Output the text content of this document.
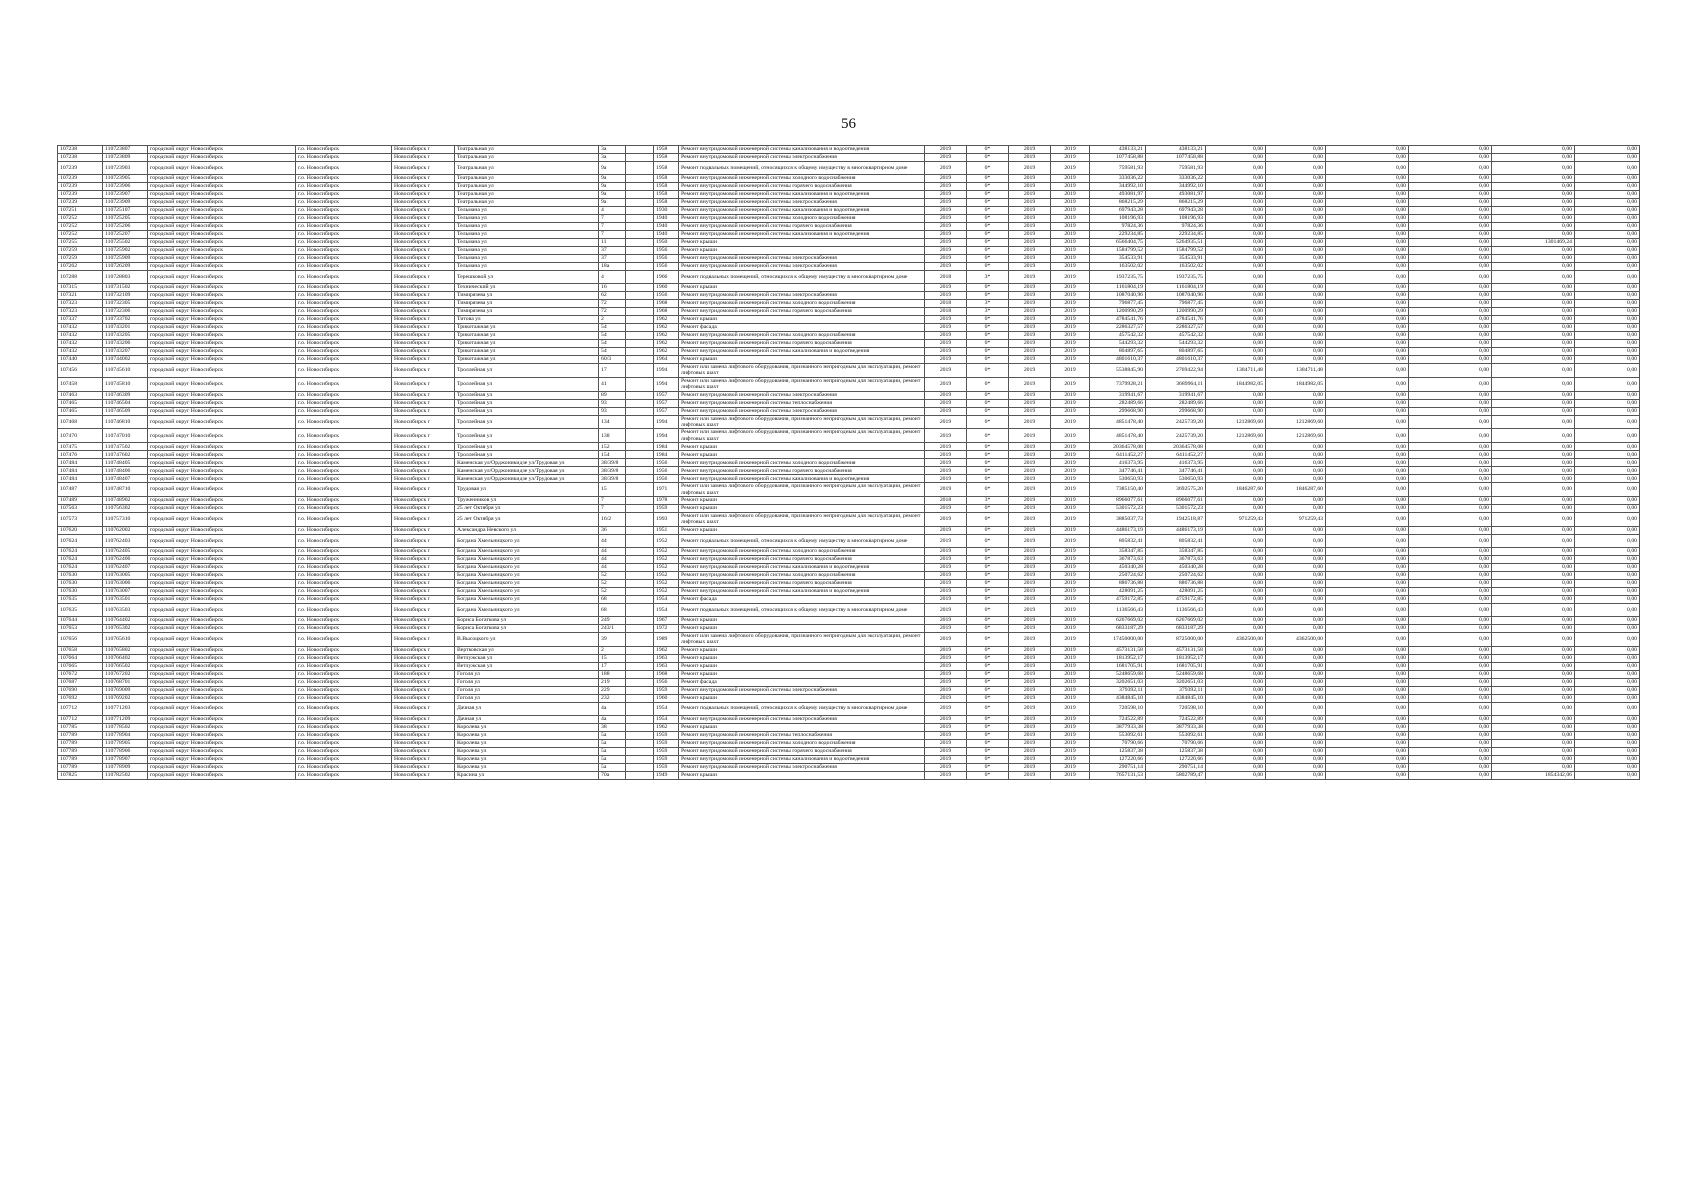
56
107238	110723807	городской округ Новосибирск	г.о. Новосибирск	Новосибирск г	Театральная ул	3а		1958	Ремонт внутридомовой инженерной системы канализования и водоотведения	2019	0*	2019	2019	438133,21	438133,21	0,00	0,00	0,00	0,00	0,00	0,00
107238	110723809	городской округ Новосибирск	г.о. Новосибирск	Новосибирск г	Театральная ул	3а		1958	Ремонт внутридомовой инженерной системы электроснабжения	2019	0*	2019	2019	1077458,88	1077458,88	0,00	0,00	0,00	0,00	0,00	0,00
107239	110723903	городской округ Новосибирск	г.о. Новосибирск	Новосибирск г	Театральная ул	9а		1958	Ремонт подвальных помещений, относящихся к общему имуществу в многоквартирном доме	2019	0*	2019	2019	759581,93	759581,93	0,00	0,00	0,00	0,00	0,00	0,00
107239	110723905	городской округ Новосибирск	г.о. Новосибирск	Новосибирск г	Театральная ул	9а		1958	Ремонт внутридомовой инженерной системы холодного водоснабжения	2019	0*	2019	2019	333036,22	333036,22	0,00	0,00	0,00	0,00	0,00	0,00
107239	110723906	городской округ Новосибирск	г.о. Новосибирск	Новосибирск г	Театральная ул	9а		1958	Ремонт внутридомовой инженерной системы горячего водоснабжения	2019	0*	2019	2019	344992,10	344992,10	0,00	0,00	0,00	0,00	0,00	0,00
107239	110723907	городской округ Новосибирск	г.о. Новосибирск	Новосибирск г	Театральная ул	9а		1958	Ремонт внутридомовой инженерной системы канализования и водоотведения	2019	0*	2019	2019	493081,97	493081,97	0,00	0,00	0,00	0,00	0,00	0,00
107239	110723909	городской округ Новосибирск	г.о. Новосибирск	Новосибирск г	Театральная ул	9а		1958	Ремонт внутридомовой инженерной системы электроснабжения	2019	0*	2019	2019	868215,29	868215,29	0,00	0,00	0,00	0,00	0,00	0,00
107251	110725107	городской округ Новосибирск	г.о. Новосибирск	Новосибирск г	Тельмана ул	4		1930	Ремонт внутридомовой инженерной системы канализования и водоотведения	2019	0*	2019	2019	697943,28	697943,28	0,00	0,00	0,00	0,00	0,00	0,00
107252	110725205	городской округ Новосибирск	г.о. Новосибирск	Новосибирск г	Тельмана ул	7		1940	Ремонт внутридомовой инженерной системы холодного водоснабжения	2019	0*	2019	2019	108196,93	108196,93	0,00	0,00	0,00	0,00	0,00	0,00
107252	110725206	городской округ Новосибирск	г.о. Новосибирск	Новосибирск г	Тельмана ул	7		1940	Ремонт внутридомовой инженерной системы горячего водоснабжения	2019	0*	2019	2019	97824,36	97824,36	0,00	0,00	0,00	0,00	0,00	0,00
107252	110725207	городской округ Новосибирск	г.о. Новосибирск	Новосибирск г	Тельмана ул	7		1940	Ремонт внутридомовой инженерной системы канализования и водоотведения	2019	0*	2019	2019	229234,85	229234,85	0,00	0,00	0,00	0,00	0,00	0,00
107255	110725502	городской округ Новосибирск	г.о. Новосибирск	Новосибирск г	Тельмана ул	11		1950	Ремонт крыши	2019	0*	2019	2019	6566404,75	5264935,51	0,00	0,00	0,00	0,00	1301469,24	0,00
107259	110725902	городской округ Новосибирск	г.о. Новосибирск	Новосибирск г	Тельмана ул	37		1956	Ремонт крыши	2019	0*	2019	2019	1584799,52	1584799,52	0,00	0,00	0,00	0,00	0,00	0,00
107259	110725909	городской округ Новосибирск	г.о. Новосибирск	Новосибирск г	Тельмана ул	37		1956	Ремонт внутридомовой инженерной системы электроснабжения	2019	0*	2019	2019	354533,91	354533,91	0,00	0,00	0,00	0,00	0,00	0,00
107262	110726209	городской округ Новосибирск	г.о. Новосибирск	Новосибирск г	Тельмана ул	18а		1956	Ремонт внутридомовой инженерной системы электроснабжения	2019	0*	2019	2019	163502,02	163502,02	0,00	0,00	0,00	0,00	0,00	0,00
107288	110728803	городской округ Новосибирск	г.о. Новосибирск	Новосибирск г	Терешковой ул	4		1966	Ремонт подвальных помещений, относящихся к общему имуществу в многоквартирном доме	2018	3*	2019	2019	1937235,75	1937235,75	0,00	0,00	0,00	0,00	0,00	0,00
107315	110731502	городской округ Новосибирск	г.о. Новосибирск	Новосибирск г	Технический ул	16		1960	Ремонт крыши	2019	0*	2019	2019	1161804,19	1161804,19	0,00	0,00	0,00	0,00	0,00	0,00
107321	110732109	городской округ Новосибирск	г.о. Новосибирск	Новосибирск г	Тимирязева ул	62		1956	Ремонт внутридомовой инженерной системы электроснабжения	2019	0*	2019	2019	1087040,96	1087040,96	0,00	0,00	0,00	0,00	0,00	0,00
107323	110732305	городской округ Новосибирск	г.о. Новосибирск	Новосибирск г	Тимирязева ул	72		1968	Ремонт внутридомовой инженерной системы холодного водоснабжения	2018	3*	2019	2019	796877,45	796877,45	0,00	0,00	0,00	0,00	0,00	0,00
107323	110732306	городской округ Новосибирск	г.о. Новосибирск	Новосибирск г	Тимирязева ул	72		1968	Ремонт внутридомовой инженерной системы горячего водоснабжения	2018	3*	2019	2019	1200990,29	1200990,29	0,00	0,00	0,00	0,00	0,00	0,00
107337	110733702	городской округ Новосибирск	г.о. Новосибирск	Новосибирск г	Титова ул	2		1962	Ремонт крыши	2019	0*	2019	2019	4784541,76	4784541,76	0,00	0,00	0,00	0,00	0,00	0,00
107432	110743201	городской округ Новосибирск	г.о. Новосибирск	Новосибирск г	Трикотажная ул	54		1962	Ремонт фасада	2019	0*	2019	2019	2286327,57	2286327,57	0,00	0,00	0,00	0,00	0,00	0,00
107432	110743205	городской округ Новосибирск	г.о. Новосибирск	Новосибирск г	Трикотажная ул	54		1962	Ремонт внутридомовой инженерной системы холодного водоснабжения	2019	0*	2019	2019	457542,32	457542,32	0,00	0,00	0,00	0,00	0,00	0,00
107432	110743206	городской округ Новосибирск	г.о. Новосибирск	Новосибирск г	Трикотажная ул	54		1962	Ремонт внутридомовой инженерной системы горячего водоснабжения	2019	0*	2019	2019	544293,32	544293,32	0,00	0,00	0,00	0,00	0,00	0,00
107432	110743207	городской округ Новосибирск	г.о. Новосибирск	Новосибирск г	Трикотажная ул	54		1962	Ремонт внутридомовой инженерной системы канализования и водоотведения	2019	0*	2019	2019	804897,65	804897,65	0,00	0,00	0,00	0,00	0,00	0,00
107440	110744002	городской округ Новосибирск	г.о. Новосибирск	Новосибирск г	Трикотажная ул	60/3		1964	Ремонт крыши	2019	0*	2019	2019	4801610,37	4801610,37	0,00	0,00	0,00	0,00	0,00	0,00
107456	110745610	городской округ Новосибирск	г.о. Новосибирск	Новосибирск г	Троллейная ул	17		1994	Ремонт или замена лифтового оборудования, признанного непригодным для эксплуатации, ремонт лифтовых шахт	2019	0*	2019	2019	5538845,90	2769422,94	1384711,48	1384711,48	0,00	0,00	0,00	0,00
107458	110745810	городской округ Новосибирск	г.о. Новосибирск	Новосибирск г	Троллейная ул	41		1994	Ремонт или замена лифтового оборудования, признанного непригодным для эксплуатации, ремонт лифтовых шахт	2019	0*	2019	2019	7379928,21	3689964,11	1844982,05	1844982,05	0,00	0,00	0,00	0,00
107463	110746309	городской округ Новосибирск	г.о. Новосибирск	Новосибирск г	Троллейная ул	89		1957	Ремонт внутридомовой инженерной системы электроснабжения	2019	0*	2019	2019	319941,67	319941,67	0,00	0,00	0,00	0,00	0,00	0,00
107465	110746504	городской округ Новосибирск	г.о. Новосибирск	Новосибирск г	Троллейная ул	93		1957	Ремонт внутридомовой инженерной системы теплоснабжения	2019	0*	2019	2019	282489,66	282489,66	0,00	0,00	0,00	0,00	0,00	0,00
107465	110746509	городской округ Новосибирск	г.о. Новосибирск	Новосибирск г	Троллейная ул	93		1957	Ремонт внутридомовой инженерной системы электроснабжения	2019	0*	2019	2019	299668,90	299668,90	0,00	0,00	0,00	0,00	0,00	0,00
107468	110746810	городской округ Новосибирск	г.о. Новосибирск	Новосибирск г	Троллейная ул	134		1994	Ремонт или замена лифтового оборудования, признанного непригодным для эксплуатации, ремонт лифтовых шахт	2019	0*	2019	2019	4851478,40	2425739,20	1212869,60	1212869,60	0,00	0,00	0,00	0,00
107470	110747010	городской округ Новосибирск	г.о. Новосибирск	Новосибирск г	Троллейная ул	138		1994	Ремонт или замена лифтового оборудования, признанного непригодным для эксплуатации, ремонт лифтовых шахт	2019	0*	2019	2019	4851478,40	2425739,20	1212869,60	1212869,60	0,00	0,00	0,00	0,00
107475	110747502	городской округ Новосибирск	г.о. Новосибирск	Новосибирск г	Троллейная ул	152		1984	Ремонт крыши	2019	0*	2019	2019	20364578,08	20364578,08	0,00	0,00	0,00	0,00	0,00	0,00
107476	110747602	городской округ Новосибирск	г.о. Новосибирск	Новосибирск г	Троллейная ул	154		1984	Ремонт крыши	2019	0*	2019	2019	6411452,27	6411452,27	0,00	0,00	0,00	0,00	0,00	0,00
107484	110748405	городской округ Новосибирск	г.о. Новосибирск	Новосибирск г	Каменская ул/Орджоникидзе ул/Трудовая ул	38/39/8		1956	Ремонт внутридомовой инженерной системы холодного водоснабжения	2019	0*	2019	2019	416373,95	416373,95	0,00	0,00	0,00	0,00	0,00	0,00
107484	110748406	городской округ Новосибирск	г.о. Новосибирск	Новосибирск г	Каменская ул/Орджоникидзе ул/Трудовая ул	38/39/8		1956	Ремонт внутридомовой инженерной системы горячего водоснабжения	2019	0*	2019	2019	347746,41	347746,41	0,00	0,00	0,00	0,00	0,00	0,00
107484	110748407	городской округ Новосибирск	г.о. Новосибирск	Новосибирск г	Каменская ул/Орджоникидзе ул/Трудовая ул	38/39/8		1956	Ремонт внутридомовой инженерной системы канализования и водоотведения	2019	0*	2019	2019	530650,93	530650,93	0,00	0,00	0,00	0,00	0,00	0,00
107487	110748710	городской округ Новосибирск	г.о. Новосибирск	Новосибирск г	Трудовая ул	15		1971	Ремонт или замена лифтового оборудования, признанного непригодным для эксплуатации, ремонт лифтовых шахт	2019	0*	2019	2019	7385150,40	3692575,20	1846287,60	1846287,60	0,00	0,00	0,00	0,00
107489	110748902	городской округ Новосибирск	г.о. Новосибирск	Новосибирск г	Труженников ул	7		1978	Ремонт крыши	2018	3*	2019	2019	8966077,61	8966077,61	0,00	0,00	0,00	0,00	0,00	0,00
107563	110756302	городской округ Новосибирск	г.о. Новосибирск	Новосибирск г	25 лет Октября ул	7		1959	Ремонт крыши	2019	0*	2019	2019	5301572,23	5301572,23	0,00	0,00	0,00	0,00	0,00	0,00
107573	110757310	городской округ Новосибирск	г.о. Новосибирск	Новосибирск г	25 лет Октября ул	16/2		1993	Ремонт или замена лифтового оборудования, признанного непригодным для эксплуатации, ремонт лифтовых шахт	2019	0*	2019	2019	3885037,73	1942518,87	971259,43	971259,43	0,00	0,00	0,00	0,00
107620	110762002	городской округ Новосибирск	г.о. Новосибирск	Новосибирск г	Александра Невского ул	36		1951	Ремонт крыши	2019	0*	2019	2019	4486173,19	4486173,19	0,00	0,00	0,00	0,00	0,00	0,00
107624	110762403	городской округ Новосибирск	г.о. Новосибирск	Новосибирск г	Богдана Хмельницкого ул	44		1952	Ремонт подвальных помещений, относящихся к общему имуществу в многоквартирном доме	2019	0*	2019	2019	805832,41	805832,41	0,00	0,00	0,00	0,00	0,00	0,00
107624	110762405	городской округ Новосибирск	г.о. Новосибирск	Новосибирск г	Богдана Хмельницкого ул	44		1952	Ремонт внутридомовой инженерной системы холодного водоснабжения	2019	0*	2019	2019	358347,85	358347,85	0,00	0,00	0,00	0,00	0,00	0,00
107624	110762406	городской округ Новосибирск	г.о. Новосибирск	Новосибирск г	Богдана Хмельницкого ул	44		1952	Ремонт внутридомовой инженерной системы горячего водоснабжения	2019	0*	2019	2019	367873,63	367873,63	0,00	0,00	0,00	0,00	0,00	0,00
107624	110762407	городской округ Новосибирск	г.о. Новосибирск	Новосибирск г	Богдана Хмельницкого ул	44		1952	Ремонт внутридомовой инженерной системы канализования и водоотведения	2019	0*	2019	2019	450340,28	450340,28	0,00	0,00	0,00	0,00	0,00	0,00
107630	110763005	городской округ Новосибирск	г.о. Новосибирск	Новосибирск г	Богдана Хмельницкого ул	52		1952	Ремонт внутридомовой инженерной системы холодного водоснабжения	2019	0*	2019	2019	250724,62	250724,62	0,00	0,00	0,00	0,00	0,00	0,00
107630	110763006	городской округ Новосибирск	г.о. Новосибирск	Новосибирск г	Богдана Хмельницкого ул	52		1952	Ремонт внутридомовой инженерной системы горячего водоснабжения	2019	0*	2019	2019	886736,88	886736,88	0,00	0,00	0,00	0,00	0,00	0,00
107630	110763007	городской округ Новосибирск	г.о. Новосибирск	Новосибирск г	Богдана Хмельницкого ул	52		1952	Ремонт внутридомовой инженерной системы канализования и водоотведения	2019	0*	2019	2019	428091,25	428091,25	0,00	0,00	0,00	0,00	0,00	0,00
107635	110763501	городской округ Новосибирск	г.о. Новосибирск	Новосибирск г	Богдана Хмельницкого ул	68		1954	Ремонт фасада	2019	0*	2019	2019	4759172,85	4759172,85	0,00	0,00	0,00	0,00	0,00	0,00
107635	110763503	городской округ Новосибирск	г.о. Новосибирск	Новосибирск г	Богдана Хмельницкого ул	68		1954	Ремонт подвальных помещений, относящихся к общему имуществу в многоквартирном доме	2019	0*	2019	2019	1136566,43	1136566,43	0,00	0,00	0,00	0,00	0,00	0,00
107644	110764402	городской округ Новосибирск	г.о. Новосибирск	Новосибирск г	Бориса Богаткова ул	249		1967	Ремонт крыши	2019	0*	2019	2019	6267669,02	6267669,02	0,00	0,00	0,00	0,00	0,00	0,00
107653	110765302	городской округ Новосибирск	г.о. Новосибирск	Новосибирск г	Бориса Богаткова ул	243/1		1972	Ремонт крыши	2019	0*	2019	2019	6833187,29	6833187,29	0,00	0,00	0,00	0,00	0,00	0,00
107656	110765610	городской округ Новосибирск	г.о. Новосибирск	Новосибирск г	В.Высоцкого ул	39		1989	Ремонт или замена лифтового оборудования, признанного непригодным для эксплуатации, ремонт лифтовых шахт	2019	0*	2019	2019	17450000,00	8725000,00	4362500,00	4362500,00	0,00	0,00	0,00	0,00
107658	110765802	городской округ Новосибирск	г.о. Новосибирск	Новосибирск г	Вертковская ул	2		1962	Ремонт крыши	2019	0*	2019	2019	4573131,58	4573131,58	0,00	0,00	0,00	0,00	0,00	0,00
107664	110766402	городской округ Новосибирск	г.о. Новосибирск	Новосибирск г	Ветлужская ул	15		1963	Ремонт крыши	2019	0*	2019	2019	1813952,17	1813952,17	0,00	0,00	0,00	0,00	0,00	0,00
107665	110766502	городской округ Новосибирск	г.о. Новосибирск	Новосибирск г	Ветлужская ул	17		1963	Ремонт крыши	2019	0*	2019	2019	1681705,91	1681705,91	0,00	0,00	0,00	0,00	0,00	0,00
107672	110767202	городской округ Новосибирск	г.о. Новосибирск	Новосибирск г	Гоголя ул	188		1968	Ремонт крыши	2019	0*	2019	2019	5248659,68	5248659,68	0,00	0,00	0,00	0,00	0,00	0,00
107687	110768701	городской округ Новосибирск	г.о. Новосибирск	Новосибирск г	Гоголя ул	219		1956	Ремонт фасада	2019	0*	2019	2019	3202651,03	3202651,03	0,00	0,00	0,00	0,00	0,00	0,00
107690	110769009	городской округ Новосибирск	г.о. Новосибирск	Новосибирск г	Гоголя ул	229		1959	Ремонт внутридомовой инженерной системы электроснабжения	2019	0*	2019	2019	379392,11	379392,11	0,00	0,00	0,00	0,00	0,00	0,00
107692	110769202	городской округ Новосибирск	г.о. Новосибирск	Новосибирск г	Гоголя ул	232		1960	Ремонт крыши	2019	0*	2019	2019	4384845,10	4384845,10	0,00	0,00	0,00	0,00	0,00	0,00
107712	110771203	городской округ Новосибирск	г.о. Новосибирск	Новосибирск г	Дачная ул	4а		1954	Ремонт подвальных помещений, относящихся к общему имуществу в многоквартирном доме	2019	0*	2019	2019	720598,10	720598,10	0,00	0,00	0,00	0,00	0,00	0,00
107712	110771209	городской округ Новосибирск	г.о. Новосибирск	Новосибирск г	Дачная ул	4а		1954	Ремонт внутридомовой инженерной системы электроснабжения	2019	0*	2019	2019	724522,89	724522,89	0,00	0,00	0,00	0,00	0,00	0,00
107785	110778502	городской округ Новосибирск	г.о. Новосибирск	Новосибирск г	Королева ул	38		1962	Ремонт крыши	2019	0*	2019	2019	3877933,38	3877933,38	0,00	0,00	0,00	0,00	0,00	0,00
107789	110778904	городской округ Новосибирск	г.о. Новосибирск	Новосибирск г	Королева ул	5а		1959	Ремонт внутридомовой инженерной системы теплоснабжения	2019	0*	2019	2019	553092,61	553092,61	0,00	0,00	0,00	0,00	0,00	0,00
107789	110778905	городской округ Новосибирск	г.о. Новосибирск	Новосибирск г	Королева ул	5а		1959	Ремонт внутридомовой инженерной системы холодного водоснабжения	2019	0*	2019	2019	70790,66	70790,66	0,00	0,00	0,00	0,00	0,00	0,00
107789	110778906	городской округ Новосибирск	г.о. Новосибирск	Новосибирск г	Королева ул	5а		1959	Ремонт внутридомовой инженерной системы горячего водоснабжения	2019	0*	2019	2019	125837,38	125837,38	0,00	0,00	0,00	0,00	0,00	0,00
107789	110778907	городской округ Новосибирск	г.о. Новосибирск	Новосибирск г	Королева ул	5а		1959	Ремонт внутридомовой инженерной системы канализования и водоотведения	2019	0*	2019	2019	127220,66	127220,66	0,00	0,00	0,00	0,00	0,00	0,00
107789	110778909	городской округ Новосибирск	г.о. Новосибирск	Новосибирск г	Королева ул	5а		1959	Ремонт внутридомовой инженерной системы электроснабжения	2019	0*	2019	2019	290751,14	290751,14	0,00	0,00	0,00	0,00	0,00	0,00
107825	110782502	городской округ Новосибирск	г.о. Новосибирск	Новосибирск г	Красина ул	70а		1949	Ремонт крыши	2019	0*	2019	2019	7657131,53	5802789,47	0,00	0,00	0,00	0,00	1854342,06	0,00
